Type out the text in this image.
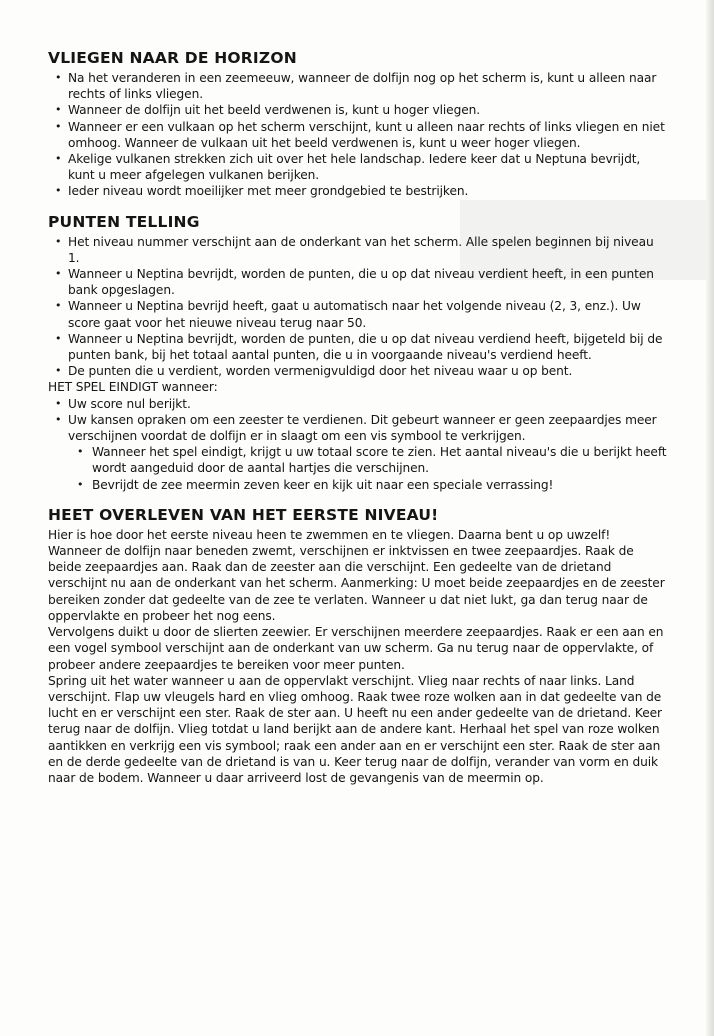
VLIEGEN NAAR DE HORIZON
• Na het veranderen in een zeemeeuw, wanneer de dolfijn nog op het scherm is, kunt u alleen naar rechts of links vliegen.
• Wanneer de dolfijn uit het beeld verdwenen is, kunt u hoger vliegen.
• Wanneer er een vulkaan op het scherm verschijnt, kunt u alleen naar rechts of links vliegen en niet omhoog. Wanneer de vulkaan uit het beeld verdwenen is, kunt u weer hoger vliegen.
• Akelige vulkanen strekken zich uit over het hele landschap. Iedere keer dat u Neptuna bevrijdt, kunt u meer afgelegen vulkanen berijken.
• Ieder niveau wordt moeilijker met meer grondgebied te bestrijken.
PUNTEN TELLING
• Het niveau nummer verschijnt aan de onderkant van het scherm. Alle spelen beginnen bij niveau 1.
• Wanneer u Neptina bevrijdt, worden de punten, die u op dat niveau verdient heeft, in een punten bank opgeslagen.
• Wanneer u Neptina bevrijd heeft, gaat u automatisch naar het volgende niveau (2, 3, enz.). Uw score gaat voor het nieuwe niveau terug naar 50.
• Wanneer u Neptina bevrijdt, worden de punten, die u op dat niveau verdiend heeft, bijgeteld bij de punten bank, bij het totaal aantal punten, die u in voorgaande niveau's verdiend heeft.
• De punten die u verdient, worden vermenigvuldigd door het niveau waar u op bent.

HET SPEL EINDIGT wanneer:

• Uw score nul berijkt.
• Uw kansen opraken om een zeester te verdienen. Dit gebeurt wanneer er geen zeepaardjes meer verschijnen voordat de dolfijn er in slaagt om een vis symbool te verkrijgen.
• Wanneer het spel eindigt, krijgt u uw totaal score te zien. Het aantal niveau's die u berijkt heeft wordt aangeduid door de aantal hartjes die verschijnen.
• Bevrijdt de zee meermin zeven keer en kijk uit naar een speciale verrassing!
HEET OVERLEVEN VAN HET EERSTE NIVEAU!

Hier is hoe door het eerste niveau heen te zwemmen en te vliegen. Daarna bent u op uwzelf!

Wanneer de dolfijn naar beneden zwemt, verschijnen er inktvissen en twee zeepaardjes. Raak de beide zeepaardjes aan. Raak dan de zeester aan die verschijnt. Een gedeelte van de drietand verschijnt nu aan de onderkant van het scherm. Aanmerking: U moet beide zeepaardjes en de zeester bereiken zonder dat gedeelte van de zee te verlaten. Wanneer u dat niet lukt, ga dan terug naar de oppervlakte en probeer het nog eens.

Vervolgens duikt u door de slierten zeewier. Er verschijnen meerdere zeepaardjes. Raak er een aan en een vogel symbool verschijnt aan de onderkant van uw scherm. Ga nu terug naar de oppervlakte, of probeer andere zeepaardjes te bereiken voor meer punten.

Spring uit het water wanneer u aan de oppervlakt verschijnt. Vlieg naar rechts of naar links. Land verschijnt. Flap uw vleugels hard en vlieg omhoog. Raak twee roze wolken aan in dat gedeelte van de lucht en er verschijnt een ster. Raak de ster aan. U heeft nu een ander gedeelte van de drietand. Keer terug naar de dolfijn. Vlieg totdat u land berijkt aan de andere kant. Herhaal het spel van roze wolken aantikken en verkrijg een vis symbool; raak een ander aan en er verschijnt een ster. Raak de ster aan en de derde gedeelte van de drietand is van u. Keer terug naar de dolfijn, verander van vorm en duik naar de bodem. Wanneer u daar arriveerd lost de gevangenis van de meermin op.
